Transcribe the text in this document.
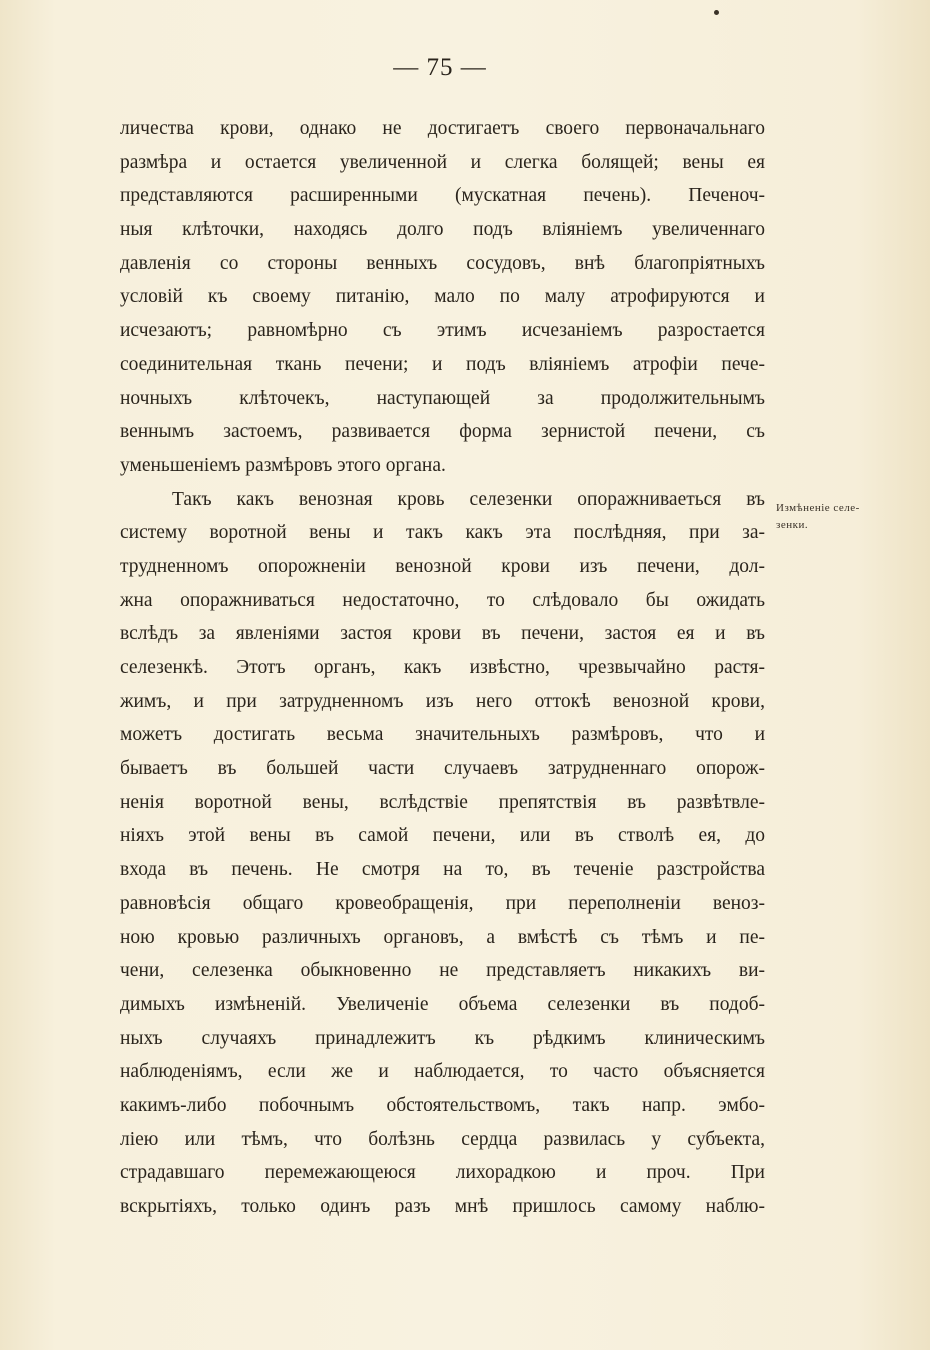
— 75 —
личества крови, однако не достигаетъ своего первоначальнаго
размѣра и остается увеличенной и слегка болящей; вены ея
представляются расширенными (мускатная печень). Печеноч-
ныя клѣточки, находясь долго подъ вліяніемъ увеличеннаго
давленія со стороны венныхъ сосудовъ, внѣ благопріятныхъ
условій къ своему питанію, мало по малу атрофируются и
исчезаютъ; равномѣрно съ этимъ исчезаніемъ разростается
соединительная ткань печени; и подъ вліяніемъ атрофіи пече-
ночныхъ клѣточекъ, наступающей за продолжительнымъ
веннымъ застоемъ, развивается форма зернистой печени, съ
уменьшеніемъ размѣровъ этого органа.
Такъ какъ венозная кровь селезенки опоражниваеться въ
систему воротной вены и такъ какъ эта послѣдняя, при за-
трудненномъ опорожненіи венозной крови изъ печени, дол-
жна опоражниваться недостаточно, то слѣдовало бы ожидать
вслѣдъ за явленіями застоя крови въ печени, застоя ея и въ
селезенкѣ. Этотъ органъ, какъ извѣстно, чрезвычайно растя-
жимъ, и при затрудненномъ изъ него оттокѣ венозной крови,
можетъ достигать весьма значительныхъ размѣровъ, что и
бываетъ въ большей части случаевъ затрудненнаго опорож-
ненія воротной вены, вслѣдствіе препятствія въ развѣтвле-
ніяхъ этой вены въ самой печени, или въ стволѣ ея, до
входа въ печень. Не смотря на то, въ теченіе разстройства
равновѣсія общаго кровеобращенія, при переполненіи веноз-
ною кровью различныхъ органовъ, а вмѣстѣ съ тѣмъ и пе-
чени, селезенка обыкновенно не представляетъ никакихъ ви-
димыхъ измѣненій. Увеличеніе объема селезенки въ подоб-
ныхъ случаяхъ принадлежитъ къ рѣдкимъ клиническимъ
наблюденіямъ, если же и наблюдается, то часто объясняется
какимъ-либо побочнымъ обстоятельствомъ, такъ напр. эмбо-
ліею или тѣмъ, что болѣзнь сердца развилась у субъекта,
страдавшаго перемежающеюся лихорадкою и проч. При
вскрытіяхъ, только одинъ разъ мнѣ пришлось самому наблю-
Измѣненіе селе-
зенки.
